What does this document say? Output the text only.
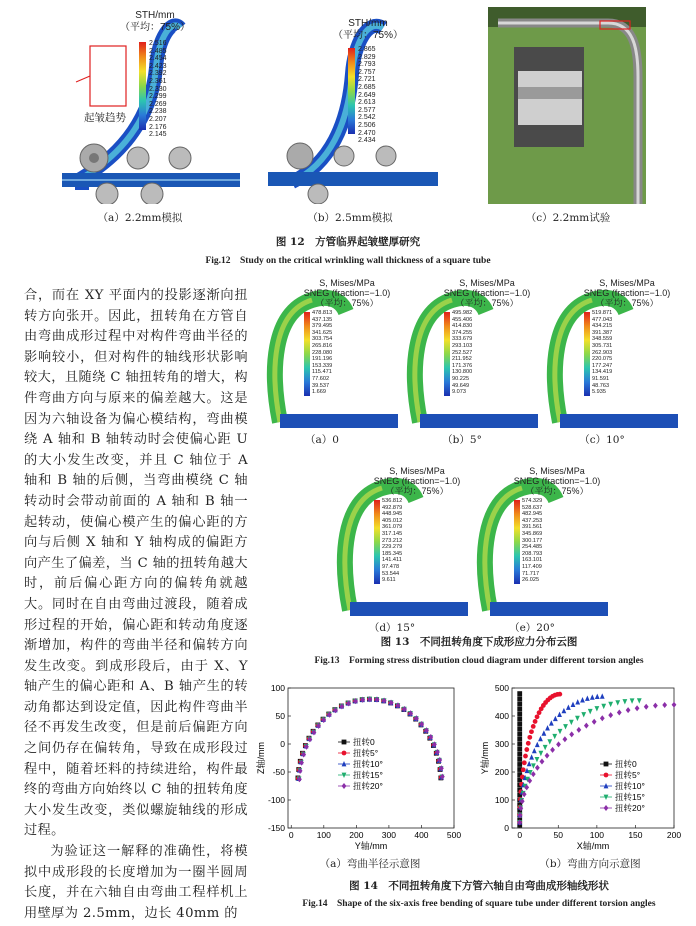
起皱趋势
STH/mm
（平均：75%）
2.516
2.485
2.454
2.423
2.392
2.361
2.330
2.299
2.269
2.238
2.207
2.176
2.145
STH/mm
（平均：75%）
2.865
2.829
2.793
2.757
2.721
2.685
2.649
2.613
2.577
2.542
2.506
2.470
2.434
（a）2.2mm模拟	（b）2.5mm模拟	（c）2.2mm试验
图 12　方管临界起皱壁厚研究
Fig.12　Study on the critical wrinkling wall thickness of a square tube

合，而在 XY 平面内的投影逐渐向扭转方向张开。因此，扭转角在方管自由弯曲成形过程中对构件弯曲半径的影响较小，但对构件的轴线形状影响较大，且随绕 C 轴扭转角的增大，构件弯曲方向与原来的偏差越大。这是因为六轴设备为偏心模结构，弯曲模绕 A 轴和 B 轴转动时会使偏心距 U 的大小发生改变，并且 C 轴位于 A 轴和 B 轴的后侧，当弯曲模绕 C 轴转动时会带动前面的 A 轴和 B 轴一起转动，使偏心模产生的偏心距的方向与后侧 X 轴和 Y 轴构成的偏距方向产生了偏差，当 C 轴的扭转角越大时，前后偏心距方向的偏转角就越大。同时在自由弯曲过渡段，随着成形过程的开始，偏心距和转动角度逐渐增加，构件的弯曲半径和偏转方向发生改变。到成形段后，由于 X、Y 轴产生的偏心距和 A、B 轴产生的转动角都达到设定值，因此构件弯曲半径不再发生改变，但是前后偏距方向之间仍存在偏转角，导致在成形段过程中，随着坯料的持续进给，构件最终的弯曲方向始终以 C 轴的扭转角度大小发生改变，类似螺旋轴线的形成过程。

为验证这一解释的准确性，将模拟中成形段的长度增加为一圈半圆周长度，并在六轴自由弯曲工程样机上用壁厚为 2.5mm，边长 40mm 的

S, Mises/MPa
SNEG (fraction=−1.0)
（平均：75%）
478.813
437.135
379.495
341.625
303.754
265.816
228.080
191.196
153.339
115.471
77.602
39.537
1.669
（a）0
S, Mises/MPa
SNEG (fraction=−1.0)
（平均：75%）
495.982
455.406
414.830
374.255
333.679
293.103
252.527
211.952
171.376
130.800
90.225
49.649
9.073
（b）5°
S, Mises/MPa
SNEG (fraction=−1.0)
（平均：75%）
519.871
477.043
434.215
391.387
348.559
305.731
262.903
220.075
177.247
134.419
91.591
48.763
5.935
（c）10°
S, Mises/MPa
SNEG (fraction=−1.0)
（平均：75%）
536.812
492.879
448.945
405.012
361.079
317.145
273.212
229.279
185.345
141.411
97.478
53.544
9.611
（d）15°
S, Mises/MPa
SNEG (fraction=−1.0)
（平均：75%）
574.329
528.637
482.945
437.253
391.561
345.869
300.177
254.485
208.793
163.101
117.409
71.717
26.025
（e）20°
图 13　不同扭转角度下成形应力分布云图
Fig.13　Forming stress distribution cloud diagram under different torsion angles
0	100 200 300 400 500
-150
-100
-50
0
50
100
Y轴/mm
Z轴/mm	扭转0
扭转5°
扭转10°
扭转15°
扭转20°
0	50	100	150	200
0
100
200
300
400
500
X轴/mm
Y轴/mm	扭转0
扭转5°
扭转10°
扭转15°
扭转20°
（a）弯曲半径示意图	（b）弯曲方向示意图
图 14　不同扭转角度下方管六轴自由弯曲成形轴线形状
Fig.14　Shape of the six-axis free bending of square tube under different torsion angles
